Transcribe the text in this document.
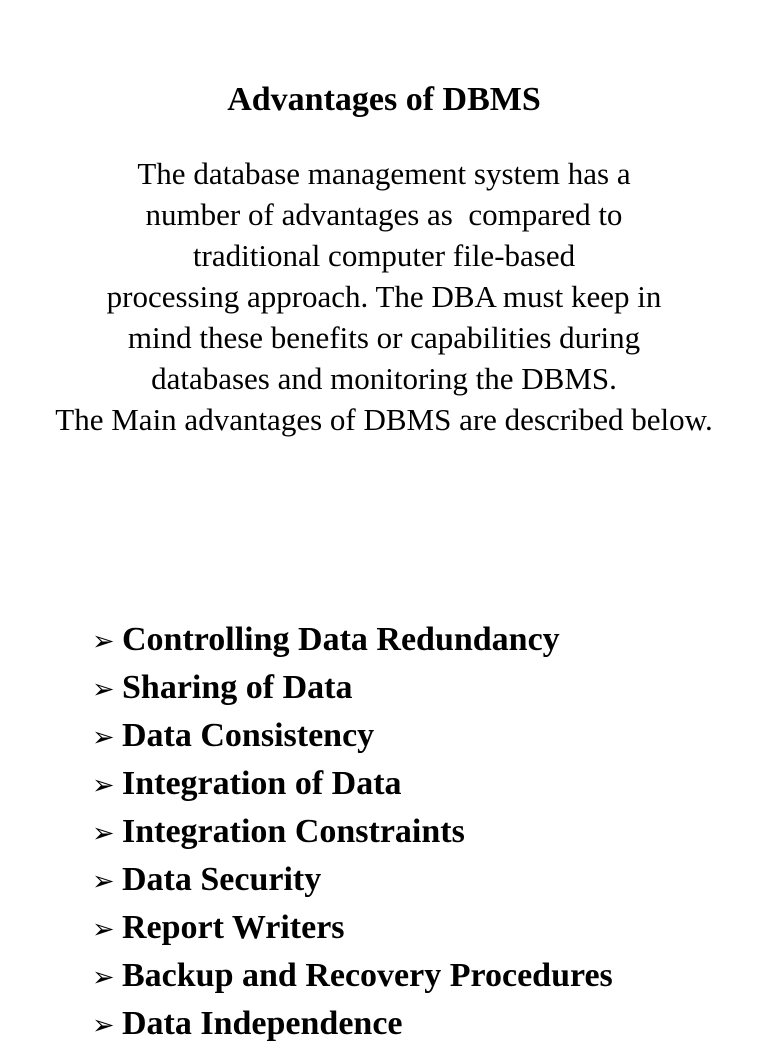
Advantages of DBMS
The database management system has a
number of advantages as  compared to
traditional computer file-based
processing approach. The DBA must keep in
mind these benefits or capabilities during
databases and monitoring the DBMS.
The Main advantages of DBMS are described below.
➢ Controlling Data Redundancy
➢ Sharing of Data
➢ Data Consistency
➢ Integration of Data
➢ Integration Constraints
➢ Data Security
➢ Report Writers
➢ Backup and Recovery Procedures
➢ Data Independence
